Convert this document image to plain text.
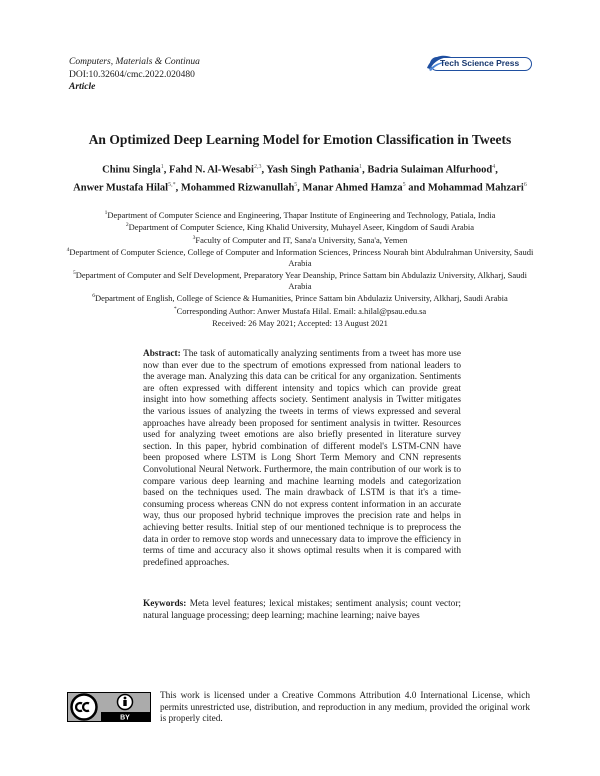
Computers, Materials & Continua
DOI:10.32604/cmc.2022.020480
Article
Tech Science Press
An Optimized Deep Learning Model for Emotion Classification in Tweets
Chinu Singla$^1$, Fahd N. Al-Wesabi$^{2,3}$, Yash Singh Pathania$^1$, Badria Sulaiman Alfurhood$^4$,
Anwer Mustafa Hilal$^{5,*}$, Mohammed Rizwanullah$^5$, Manar Ahmed Hamza$^5$ and Mohammad Mahzari$^6$
$^1$Department of Computer Science and Engineering, Thapar Institute of Engineering and Technology, Patiala, India
$^2$Department of Computer Science, King Khalid University, Muhayel Aseer, Kingdom of Saudi Arabia
$^3$Faculty of Computer and IT, Sana'a University, Sana'a, Yemen
$^4$Department of Computer Science, College of Computer and Information Sciences, Princess Nourah bint Abdulrahman University, Saudi Arabia
$^5$Department of Computer and Self Development, Preparatory Year Deanship, Prince Sattam bin Abdulaziz University, Alkharj, Saudi Arabia
$^6$Department of English, College of Science & Humanities, Prince Sattam bin Abdulaziz University, Alkharj, Saudi Arabia
*Corresponding Author: Anwer Mustafa Hilal. Email: a.hilal@psau.edu.sa
Received: 26 May 2021; Accepted: 13 August 2021
Abstract: The task of automatically analyzing sentiments from a tweet has more use now than ever due to the spectrum of emotions expressed from national leaders to the average man. Analyzing this data can be critical for any organization. Sentiments are often expressed with different intensity and topics which can provide great insight into how something affects society. Sentiment analysis in Twitter mitigates the various issues of analyzing the tweets in terms of views expressed and several approaches have already been proposed for sentiment analysis in twitter. Resources used for analyzing tweet emotions are also briefly presented in literature survey section. In this paper, hybrid combination of different model's LSTM-CNN have been proposed where LSTM is Long Short Term Memory and CNN represents Convolutional Neural Network. Furthermore, the main contribution of our work is to compare various deep learning and machine learning models and categorization based on the techniques used. The main drawback of LSTM is that it's a time-consuming process whereas CNN do not express content information in an accurate way, thus our proposed hybrid technique improves the precision rate and helps in achieving better results. Initial step of our mentioned technique is to preprocess the data in order to remove stop words and unnecessary data to improve the efficiency in terms of time and accuracy also it shows optimal results when it is compared with predefined approaches.
Keywords: Meta level features; lexical mistakes; sentiment analysis; count vector; natural language processing; deep learning; machine learning; naive bayes
BY
This work is licensed under a Creative Commons Attribution 4.0 International License, which permits unrestricted use, distribution, and reproduction in any medium, provided the original work is properly cited.
